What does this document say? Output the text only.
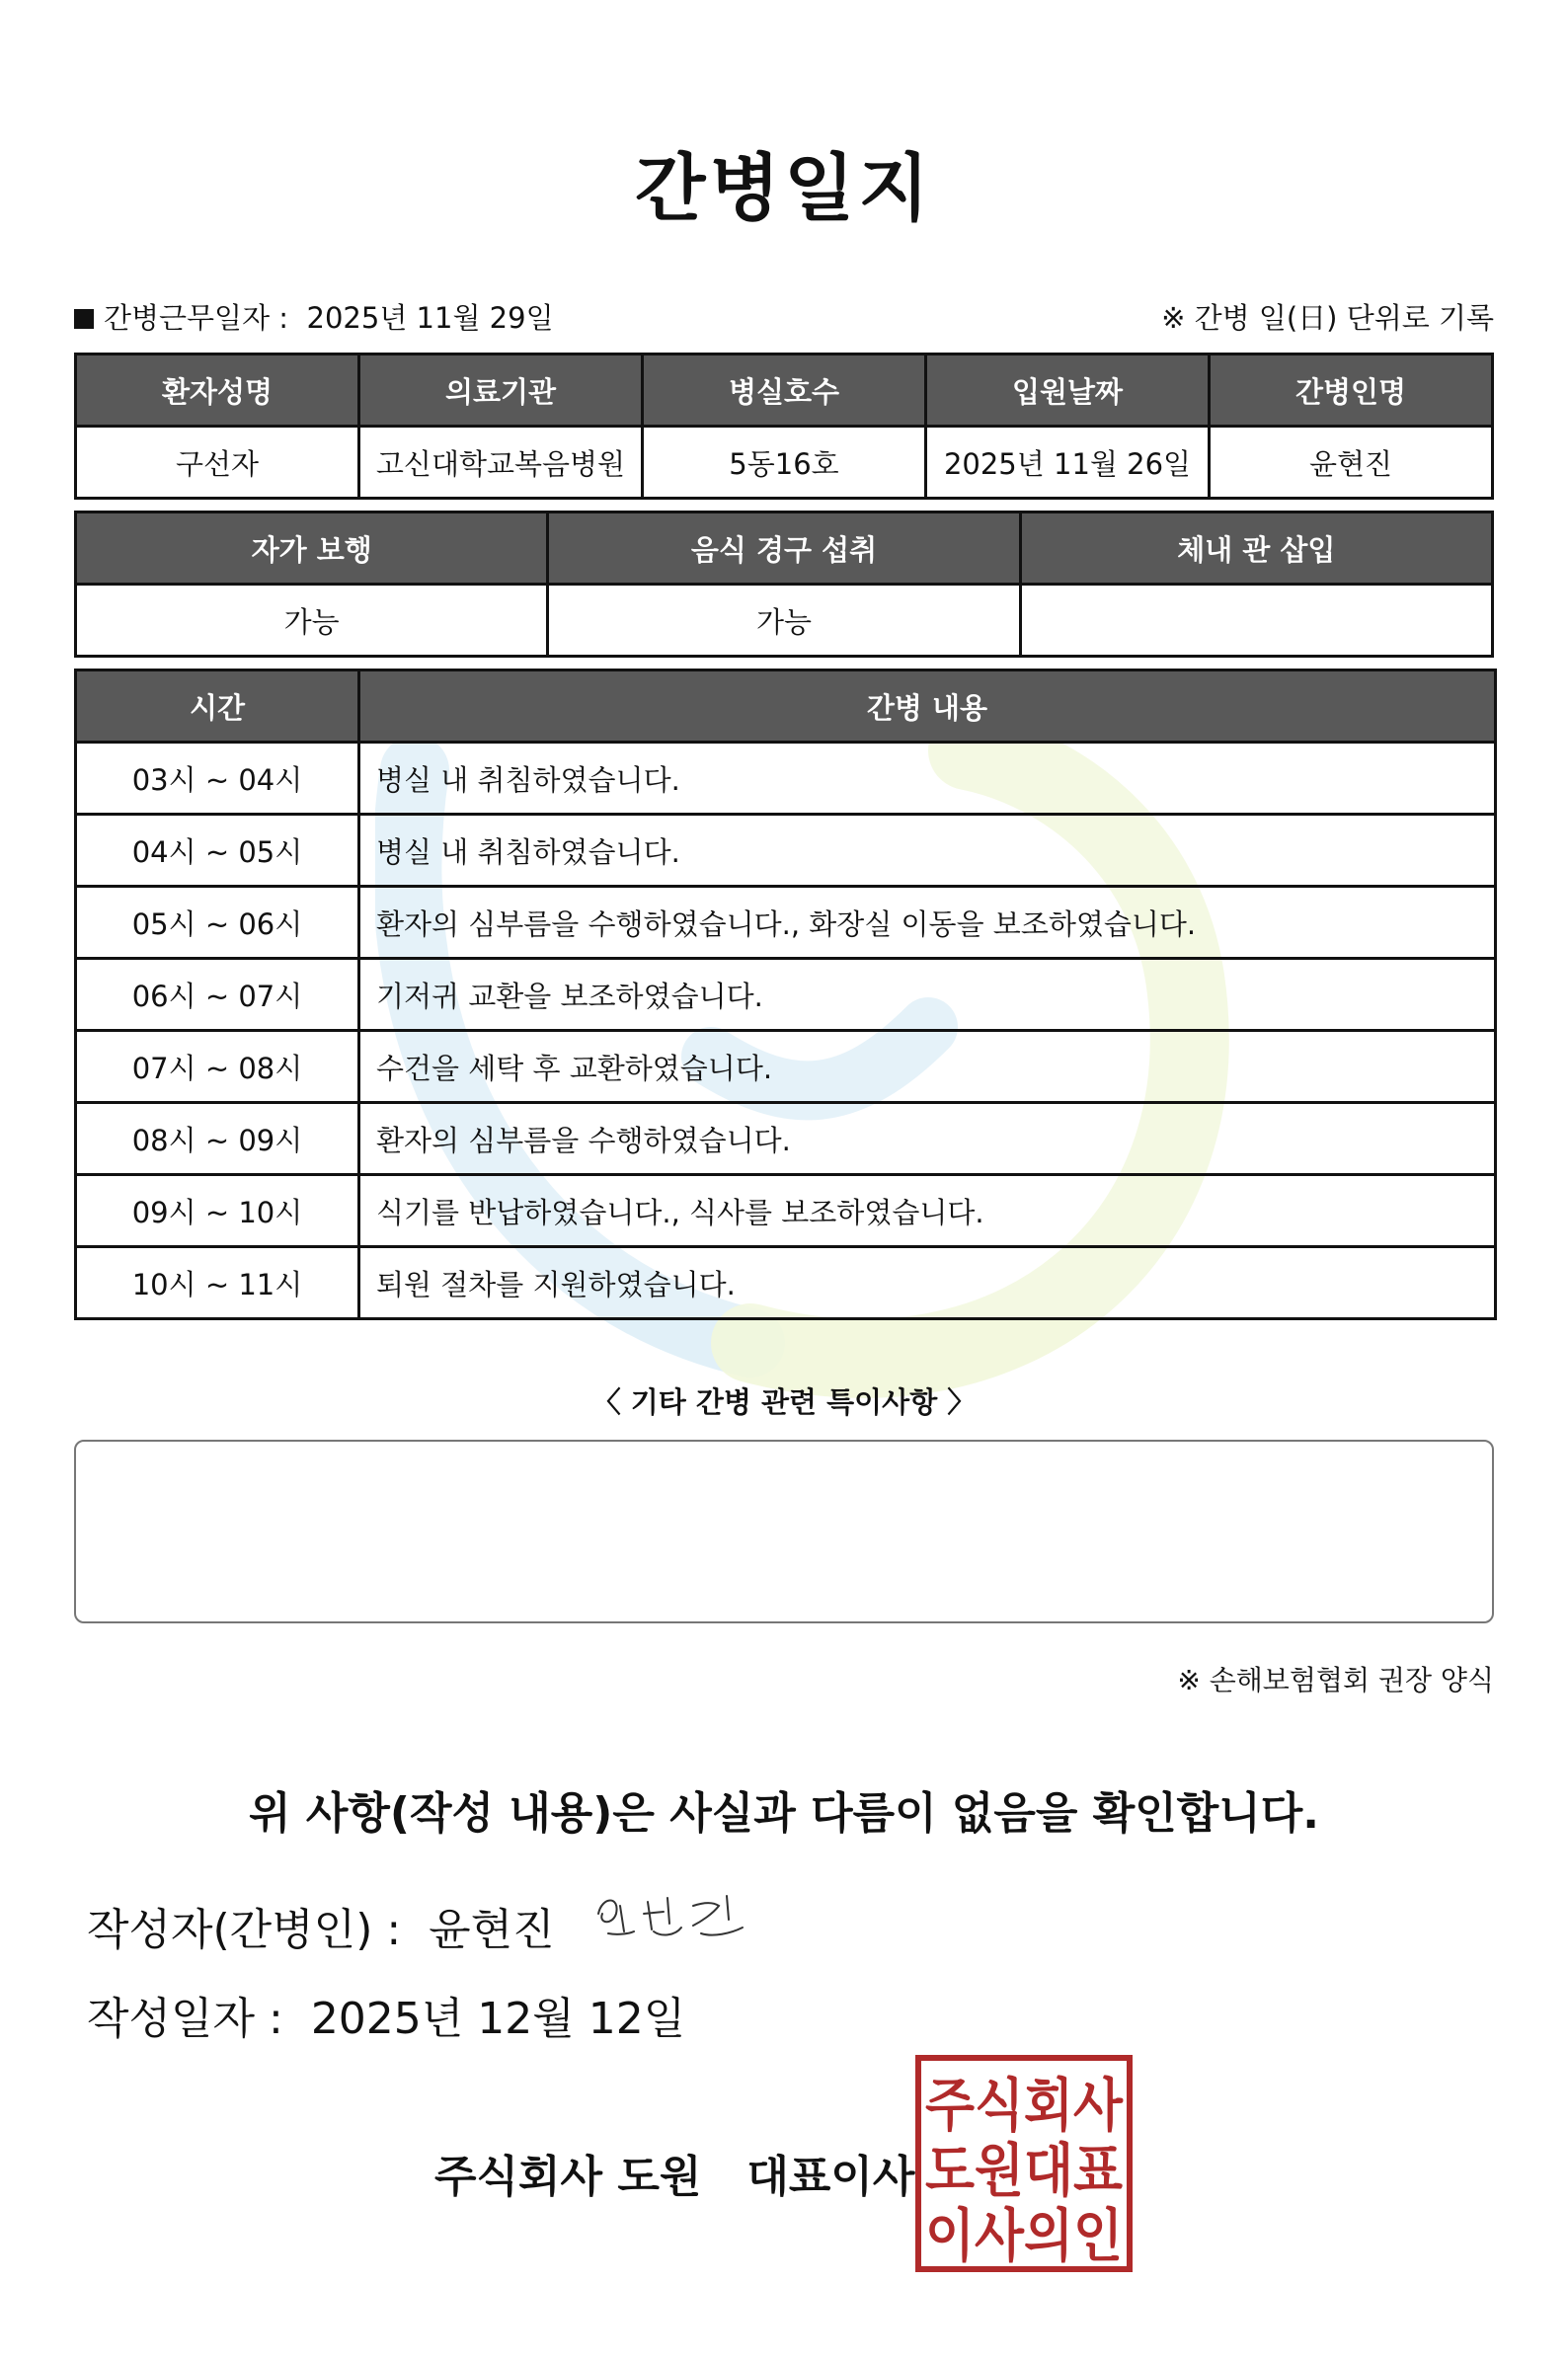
간병일지
간병근무일자 : 2025년 11월 29일	※ 간병 일(日) 단위로 기록
환자성명	의료기관	병실호수	입원날짜	간병인명
구선자	고신대학교복음병원	5동16호	2025년 11월 26일	윤현진
자가 보행	음식 경구 섭취	체내 관 삽입
가능	가능	
시간	간병 내용
03시 ~ 04시	병실 내 취침하였습니다.
04시 ~ 05시	병실 내 취침하였습니다.
05시 ~ 06시	환자의 심부름을 수행하였습니다., 화장실 이동을 보조하였습니다.
06시 ~ 07시	기저귀 교환을 보조하였습니다.
07시 ~ 08시	수건을 세탁 후 교환하였습니다.
08시 ~ 09시	환자의 심부름을 수행하였습니다.
09시 ~ 10시	식기를 반납하였습니다., 식사를 보조하였습니다.
10시 ~ 11시	퇴원 절차를 지원하였습니다.
〈 기타 간병 관련 특이사항 〉
※ 손해보험협회 권장 양식
위 사항(작성 내용)은 사실과 다름이 없음을 확인합니다.
작성자(간병인) : 윤현진
작성일자 : 2025년 12월 12일
주식회사 도원 대표이사
주식회사
도원대표
이사의인
